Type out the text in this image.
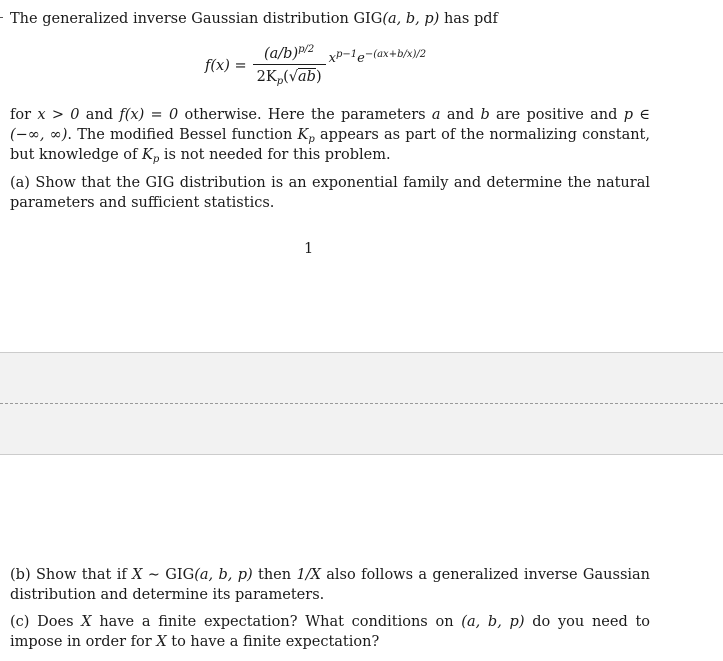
The generalized inverse Gaussian distribution GIG(a, b, p) has pdf

$f(x) = \frac{(a/b)^{p/2}}{2K_p(√ab)} x^{p-1}e^{-(ax+b/x)/2}$

for x > 0 and f(x) = 0 otherwise. Here the parameters a and b are positive and p ∈ (−∞, ∞). The modified Bessel function $K_p$ appears as part of the normalizing constant, but knowledge of $K_p$ is not needed for this problem.

(a) Show that the GIG distribution is an exponential family and determine the natural parameters and sufficient statistics.

1

(b) Show that if X ∼ GIG(a, b, p) then 1/X also follows a generalized inverse Gaussian distribution and determine its parameters.

(c) Does X have a finite expectation? What conditions on (a, b, p) do you need to impose in order for X to have a finite expectation?
